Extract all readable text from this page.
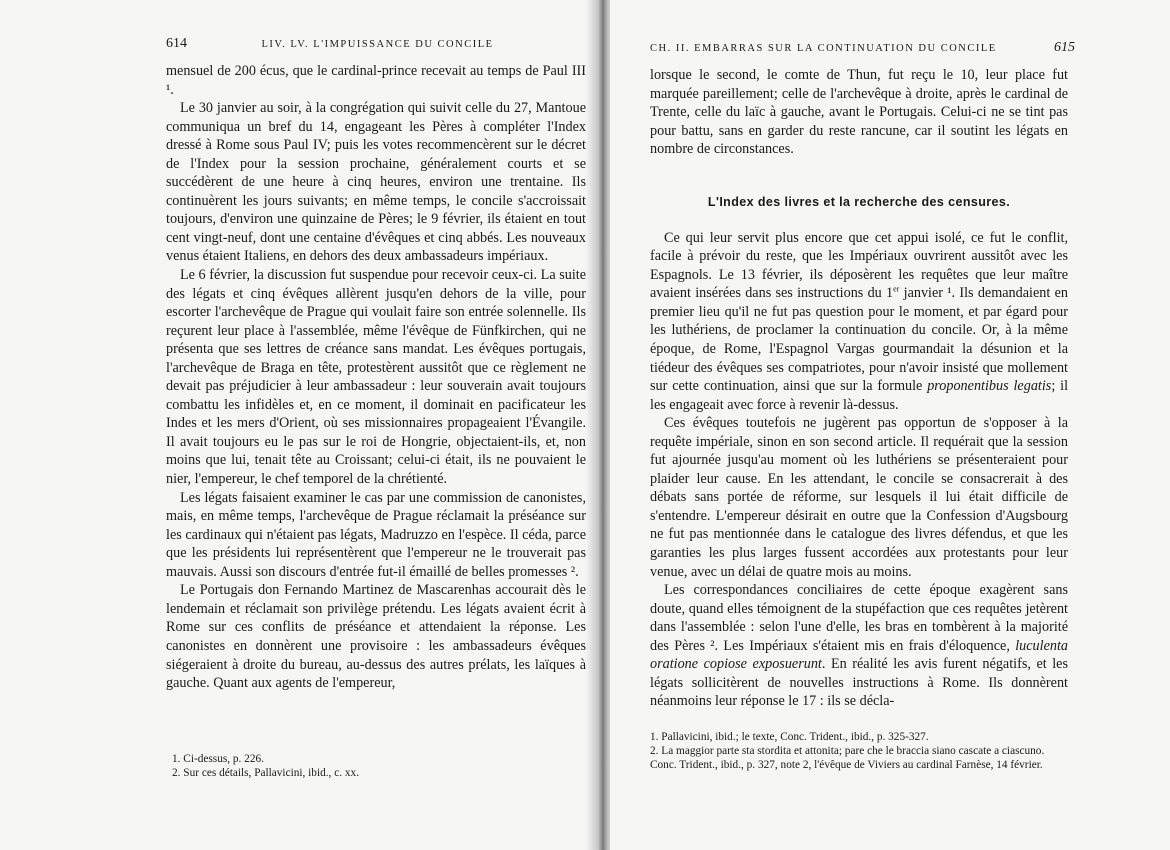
614	LIV. LV. L'IMPUISSANCE DU CONCILE

mensuel de 200 écus, que le cardinal-prince recevait au temps de Paul III ¹.

Le 30 janvier au soir, à la congrégation qui suivit celle du 27, Mantoue communiqua un bref du 14, engageant les Pères à compléter l'Index dressé à Rome sous Paul IV; puis les votes recommencèrent sur le décret de l'Index pour la session prochaine, généralement courts et se succédèrent de une heure à cinq heures, environ une trentaine. Ils continuèrent les jours suivants; en même temps, le concile s'accroissait toujours, d'environ une quinzaine de Pères; le 9 février, ils étaient en tout cent vingt-neuf, dont une centaine d'évêques et cinq abbés. Les nouveaux venus étaient Italiens, en dehors des deux ambassadeurs impériaux.

Le 6 février, la discussion fut suspendue pour recevoir ceux-ci. La suite des légats et cinq évêques allèrent jusqu'en dehors de la ville, pour escorter l'archevêque de Prague qui voulait faire son entrée solennelle. Ils reçurent leur place à l'assemblée, même l'évêque de Fünfkirchen, qui ne présenta que ses lettres de créance sans mandat. Les évêques portugais, l'archevêque de Braga en tête, protestèrent aussitôt que ce règlement ne devait pas préjudicier à leur ambassadeur : leur souverain avait toujours combattu les infidèles et, en ce moment, il dominait en pacificateur les Indes et les mers d'Orient, où ses missionnaires propageaient l'Évangile. Il avait toujours eu le pas sur le roi de Hongrie, objectaient-ils, et, non moins que lui, tenait tête au Croissant; celui-ci était, ils ne pouvaient le nier, l'empereur, le chef temporel de la chrétienté.

Les légats faisaient examiner le cas par une commission de canonistes, mais, en même temps, l'archevêque de Prague réclamait la préséance sur les cardinaux qui n'étaient pas légats, Madruzzo en l'espèce. Il céda, parce que les présidents lui représentèrent que l'empereur ne le trouverait pas mauvais. Aussi son discours d'entrée fut-il émaillé de belles promesses ².

Le Portugais don Fernando Martinez de Mascarenhas accourait dès le lendemain et réclamait son privilège prétendu. Les légats avaient écrit à Rome sur ces conflits de préséance et attendaient la réponse. Les canonistes en donnèrent une provisoire : les ambassadeurs évêques siégeraient à droite du bureau, au-dessus des autres prélats, les laïques à gauche. Quant aux agents de l'empereur,

1. Ci-dessus, p. 226.
2. Sur ces détails, Pallavicini, ibid., c. xx.
CH. II. EMBARRAS SUR LA CONTINUATION DU CONCILE	615

lorsque le second, le comte de Thun, fut reçu le 10, leur place fut marquée pareillement; celle de l'archevêque à droite, après le cardinal de Trente, celle du laïc à gauche, avant le Portugais. Celui-ci ne se tint pas pour battu, sans en garder du reste rancune, car il soutint les légats en nombre de circonstances.

L'Index des livres et la recherche des censures.

Ce qui leur servit plus encore que cet appui isolé, ce fut le conflit, facile à prévoir du reste, que les Impériaux ouvrirent aussitôt avec les Espagnols. Le 13 février, ils déposèrent les requêtes que leur maître avaient insérées dans ses instructions du 1er janvier ¹. Ils demandaient en premier lieu qu'il ne fut pas question pour le moment, et par égard pour les luthériens, de proclamer la continuation du concile. Or, à la même époque, de Rome, l'Espagnol Vargas gourmandait la désunion et la tiédeur des évêques ses compatriotes, pour n'avoir insisté que mollement sur cette continuation, ainsi que sur la formule proponentibus legatis; il les engageait avec force à revenir là-dessus.

Ces évêques toutefois ne jugèrent pas opportun de s'opposer à la requête impériale, sinon en son second article. Il requérait que la session fut ajournée jusqu'au moment où les luthériens se présenteraient pour plaider leur cause. En les attendant, le concile se consacrerait à des débats sans portée de réforme, sur lesquels il lui était difficile de s'entendre. L'empereur désirait en outre que la Confession d'Augsbourg ne fut pas mentionnée dans le catalogue des livres défendus, et que les garanties les plus larges fussent accordées aux protestants pour leur venue, avec un délai de quatre mois au moins.

Les correspondances conciliaires de cette époque exagèrent sans doute, quand elles témoignent de la stupéfaction que ces requêtes jetèrent dans l'assemblée : selon l'une d'elle, les bras en tombèrent à la majorité des Pères ². Les Impériaux s'étaient mis en frais d'éloquence, luculenta oratione copiose exposuerunt. En réalité les avis furent négatifs, et les légats sollicitèrent de nouvelles instructions à Rome. Ils donnèrent néanmoins leur réponse le 17 : ils se décla-

1. Pallavicini, ibid.; le texte, Conc. Trident., ibid., p. 325-327.
2. La maggior parte sta stordita et attonita; pare che le braccia siano cascate a ciascuno. Conc. Trident., ibid., p. 327, note 2, l'évêque de Viviers au cardinal Farnèse, 14 février.
